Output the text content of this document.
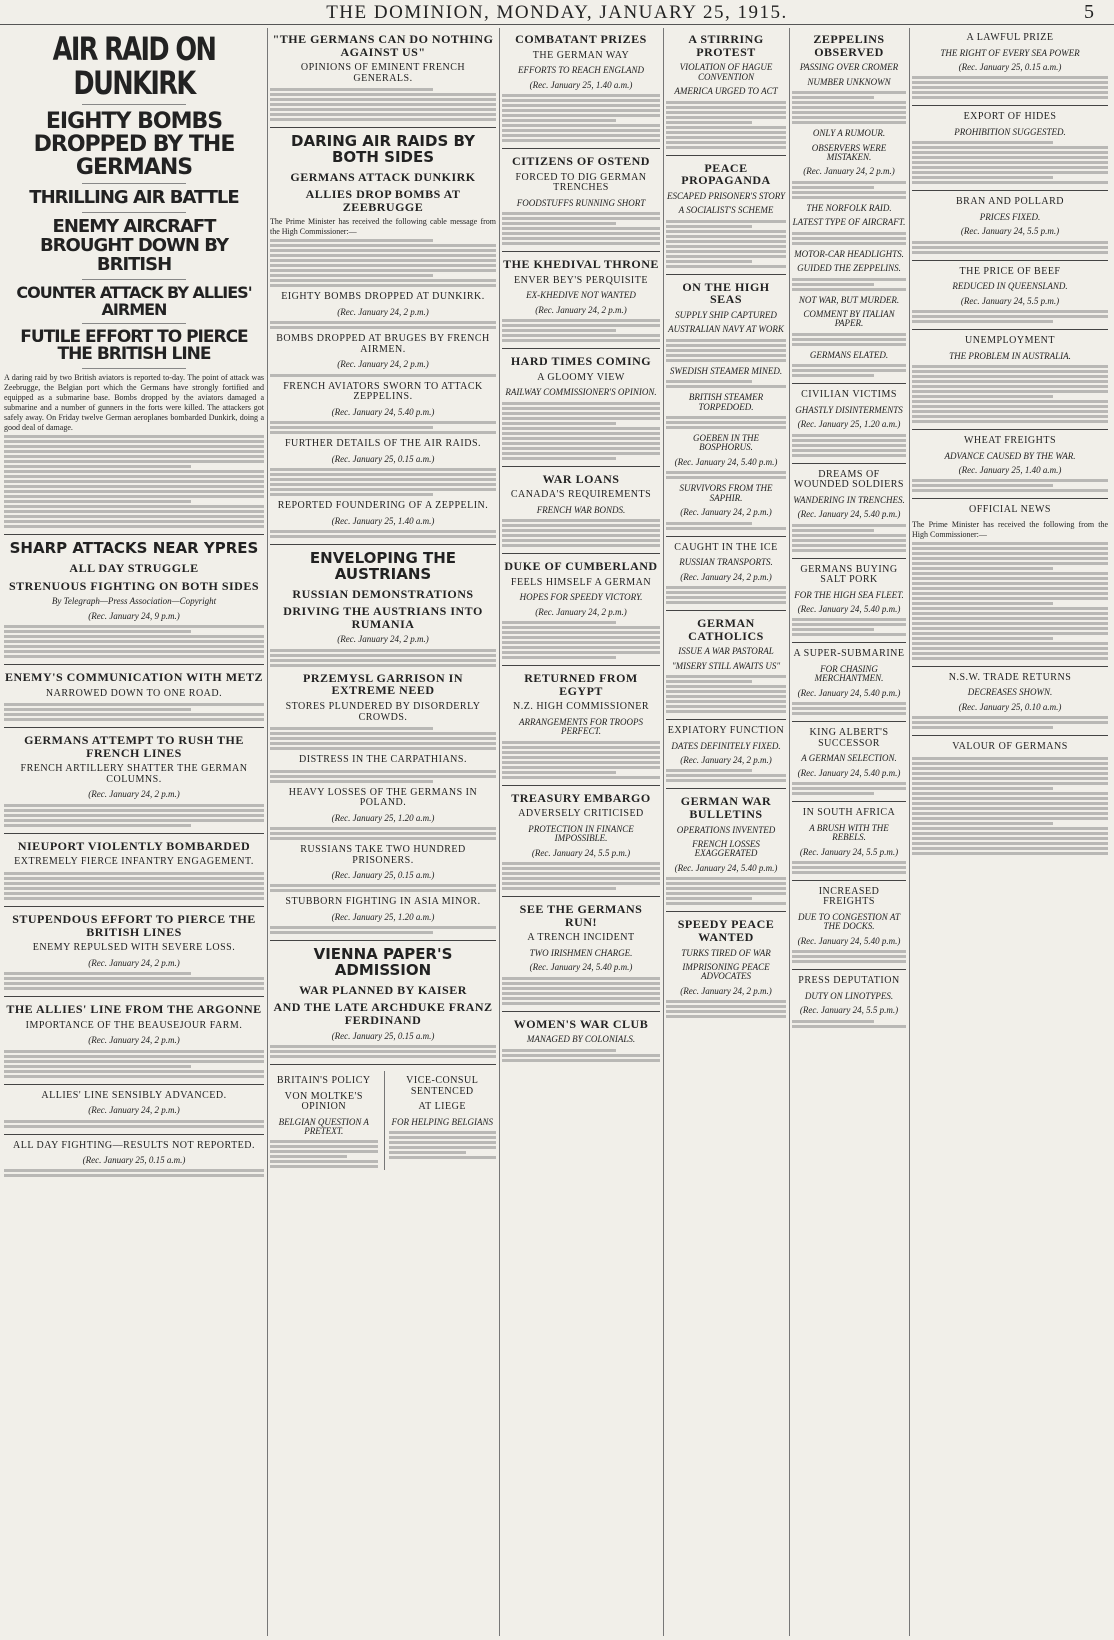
THE DOMINION, MONDAY, JANUARY 25, 1915.	5
AIR RAID ON DUNKIRK
EIGHTY BOMBS DROPPED BY THE GERMANS
THRILLING AIR BATTLE
ENEMY AIRCRAFT BROUGHT DOWN BY BRITISH
COUNTER ATTACK BY ALLIES' AIRMEN
FUTILE EFFORT TO PIERCE THE BRITISH LINE
A daring raid by two British aviators is reported to-day. The point of attack was Zeebrugge, the Belgian port which the Germans have strongly fortified and equipped as a submarine base. Bombs dropped by the aviators damaged a submarine and a number of gunners in the forts were killed. The attackers got safely away. On Friday twelve German aeroplanes bombarded Dunkirk, doing a good deal of damage.
SHARP ATTACKS NEAR YPRES
ALL DAY STRUGGLE
STRENUOUS FIGHTING ON BOTH SIDES
By Telegraph—Press Association—Copyright
(Rec. January 24, 9 p.m.)
ENEMY'S COMMUNICATION WITH METZ
NARROWED DOWN TO ONE ROAD.
GERMANS ATTEMPT TO RUSH THE FRENCH LINES
FRENCH ARTILLERY SHATTER THE GERMAN COLUMNS.
(Rec. January 24, 2 p.m.)
NIEUPORT VIOLENTLY BOMBARDED
EXTREMELY FIERCE INFANTRY ENGAGEMENT.
STUPENDOUS EFFORT TO PIERCE THE BRITISH LINES
ENEMY REPULSED WITH SEVERE LOSS.
(Rec. January 24, 2 p.m.)
THE ALLIES' LINE FROM THE ARGONNE
IMPORTANCE OF THE BEAUSEJOUR FARM.
(Rec. January 24, 2 p.m.)
ALLIES' LINE SENSIBLY ADVANCED.
(Rec. January 24, 2 p.m.)
ALL DAY FIGHTING—RESULTS NOT REPORTED.
(Rec. January 25, 0.15 a.m.)
"THE GERMANS CAN DO NOTHING AGAINST US"
OPINIONS OF EMINENT FRENCH GENERALS.
DARING AIR RAIDS BY BOTH SIDES
GERMANS ATTACK DUNKIRK
ALLIES DROP BOMBS AT ZEEBRUGGE
The Prime Minister has received the following cable message from the High Commissioner:—
EIGHTY BOMBS DROPPED AT DUNKIRK.
(Rec. January 24, 2 p.m.)
BOMBS DROPPED AT BRUGES BY FRENCH AIRMEN.
(Rec. January 24, 2 p.m.)
FRENCH AVIATORS SWORN TO ATTACK ZEPPELINS.
(Rec. January 24, 5.40 p.m.)
FURTHER DETAILS OF THE AIR RAIDS.
(Rec. January 25, 0.15 a.m.)
REPORTED FOUNDERING OF A ZEPPELIN.
(Rec. January 25, 1.40 a.m.)
ENVELOPING THE AUSTRIANS
RUSSIAN DEMONSTRATIONS
DRIVING THE AUSTRIANS INTO RUMANIA
(Rec. January 24, 2 p.m.)
PRZEMYSL GARRISON IN EXTREME NEED
STORES PLUNDERED BY DISORDERLY CROWDS.
DISTRESS IN THE CARPATHIANS.
HEAVY LOSSES OF THE GERMANS IN POLAND.
(Rec. January 25, 1.20 a.m.)
RUSSIANS TAKE TWO HUNDRED PRISONERS.
(Rec. January 25, 0.15 a.m.)
STUBBORN FIGHTING IN ASIA MINOR.
(Rec. January 25, 1.20 a.m.)
VIENNA PAPER'S ADMISSION
WAR PLANNED BY KAISER
AND THE LATE ARCHDUKE FRANZ FERDINAND
(Rec. January 25, 0.15 a.m.)
BRITAIN'S POLICY
VON MOLTKE'S OPINION
BELGIAN QUESTION A PRETEXT.
VICE-CONSUL SENTENCED
AT LIEGE
FOR HELPING BELGIANS
COMBATANT PRIZES
THE GERMAN WAY
EFFORTS TO REACH ENGLAND
(Rec. January 25, 1.40 a.m.)
CITIZENS OF OSTEND
FORCED TO DIG GERMAN TRENCHES
FOODSTUFFS RUNNING SHORT
THE KHEDIVAL THRONE
ENVER BEY'S PERQUISITE
EX-KHEDIVE NOT WANTED
(Rec. January 24, 2 p.m.)
HARD TIMES COMING
A GLOOMY VIEW
RAILWAY COMMISSIONER'S OPINION.
WAR LOANS
CANADA'S REQUIREMENTS
FRENCH WAR BONDS.
DUKE OF CUMBERLAND
FEELS HIMSELF A GERMAN
HOPES FOR SPEEDY VICTORY.
(Rec. January 24, 2 p.m.)
RETURNED FROM EGYPT
N.Z. HIGH COMMISSIONER
ARRANGEMENTS FOR TROOPS PERFECT.
TREASURY EMBARGO
ADVERSELY CRITICISED
PROTECTION IN FINANCE IMPOSSIBLE.
(Rec. January 24, 5.5 p.m.)
SEE THE GERMANS RUN!
A TRENCH INCIDENT
TWO IRISHMEN CHARGE.
(Rec. January 24, 5.40 p.m.)
WOMEN'S WAR CLUB
MANAGED BY COLONIALS.
A STIRRING PROTEST
VIOLATION OF HAGUE CONVENTION
AMERICA URGED TO ACT
PEACE PROPAGANDA
ESCAPED PRISONER'S STORY
A SOCIALIST'S SCHEME
ON THE HIGH SEAS
SUPPLY SHIP CAPTURED
AUSTRALIAN NAVY AT WORK
SWEDISH STEAMER MINED.
BRITISH STEAMER TORPEDOED.
GOEBEN IN THE BOSPHORUS.
(Rec. January 24, 5.40 p.m.)
SURVIVORS FROM THE SAPHIR.
(Rec. January 24, 2 p.m.)
CAUGHT IN THE ICE
RUSSIAN TRANSPORTS.
(Rec. January 24, 2 p.m.)
GERMAN CATHOLICS
ISSUE A WAR PASTORAL
"MISERY STILL AWAITS US"
EXPIATORY FUNCTION
DATES DEFINITELY FIXED.
(Rec. January 24, 2 p.m.)
GERMAN WAR BULLETINS
OPERATIONS INVENTED
FRENCH LOSSES EXAGGERATED
(Rec. January 24, 5.40 p.m.)
SPEEDY PEACE WANTED
TURKS TIRED OF WAR
IMPRISONING PEACE ADVOCATES
(Rec. January 24, 2 p.m.)
ZEPPELINS OBSERVED
PASSING OVER CROMER
NUMBER UNKNOWN
ONLY A RUMOUR.
OBSERVERS WERE MISTAKEN.
(Rec. January 24, 2 p.m.)
THE NORFOLK RAID.
LATEST TYPE OF AIRCRAFT.
MOTOR-CAR HEADLIGHTS.
GUIDED THE ZEPPELINS.
NOT WAR, BUT MURDER.
COMMENT BY ITALIAN PAPER.
GERMANS ELATED.
CIVILIAN VICTIMS
GHASTLY DISINTERMENTS
(Rec. January 25, 1.20 a.m.)
DREAMS OF WOUNDED SOLDIERS
WANDERING IN TRENCHES.
(Rec. January 24, 5.40 p.m.)
GERMANS BUYING SALT PORK
FOR THE HIGH SEA FLEET.
(Rec. January 24, 5.40 p.m.)
A SUPER-SUBMARINE
FOR CHASING MERCHANTMEN.
(Rec. January 24, 5.40 p.m.)
KING ALBERT'S SUCCESSOR
A GERMAN SELECTION.
(Rec. January 24, 5.40 p.m.)
IN SOUTH AFRICA
A BRUSH WITH THE REBELS.
(Rec. January 24, 5.5 p.m.)
INCREASED FREIGHTS
DUE TO CONGESTION AT THE DOCKS.
(Rec. January 24, 5.40 p.m.)
PRESS DEPUTATION
DUTY ON LINOTYPES.
(Rec. January 24, 5.5 p.m.)
A LAWFUL PRIZE
THE RIGHT OF EVERY SEA POWER
(Rec. January 25, 0.15 a.m.)
EXPORT OF HIDES
PROHIBITION SUGGESTED.
BRAN AND POLLARD
PRICES FIXED.
(Rec. January 24, 5.5 p.m.)
THE PRICE OF BEEF
REDUCED IN QUEENSLAND.
(Rec. January 24, 5.5 p.m.)
UNEMPLOYMENT
THE PROBLEM IN AUSTRALIA.
WHEAT FREIGHTS
ADVANCE CAUSED BY THE WAR.
(Rec. January 25, 1.40 a.m.)
OFFICIAL NEWS
The Prime Minister has received the following from the High Commissioner:—
N.S.W. TRADE RETURNS
DECREASES SHOWN.
(Rec. January 25, 0.10 a.m.)
VALOUR OF GERMANS
